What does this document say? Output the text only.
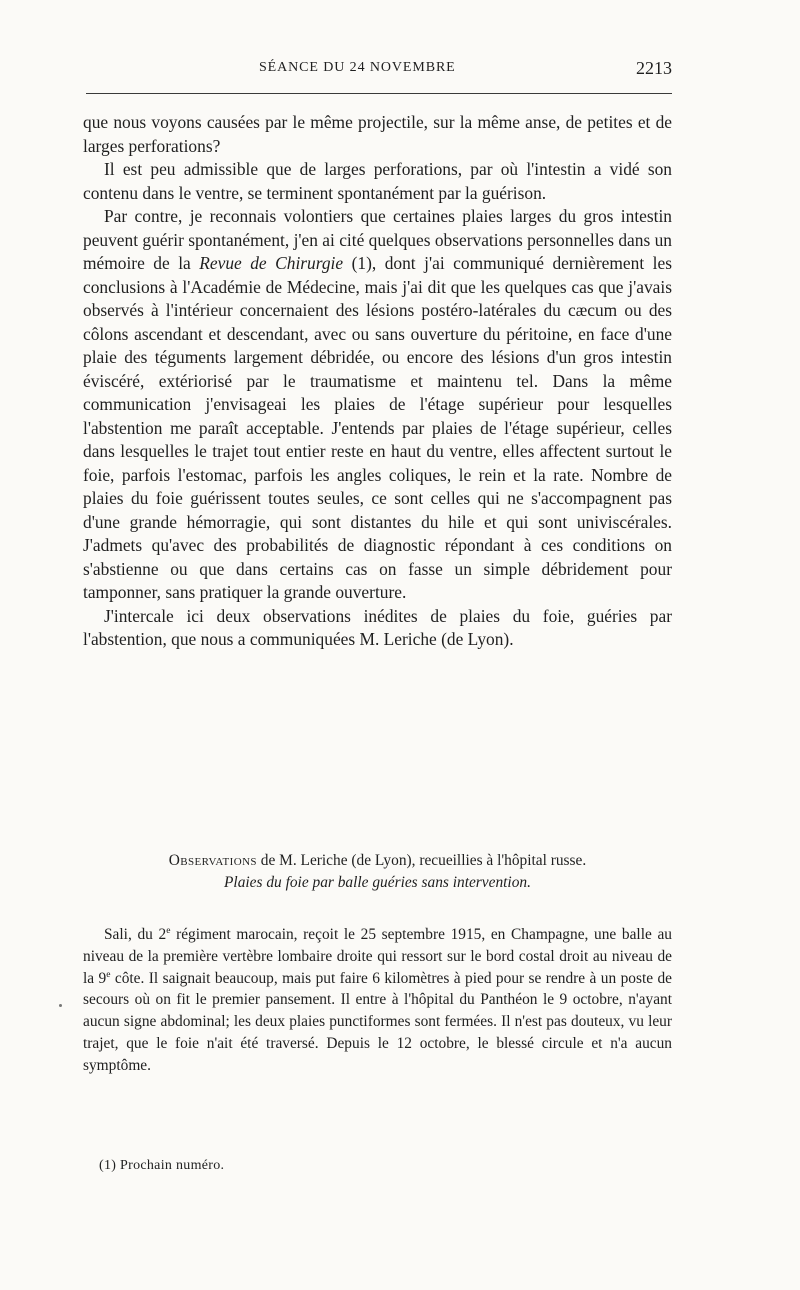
SÉANCE DU 24 NOVEMBRE	2213

que nous voyons causées par le même projectile, sur la même anse, de petites et de larges perforations?

Il est peu admissible que de larges perforations, par où l'intestin a vidé son contenu dans le ventre, se terminent spontanément par la guérison.

Par contre, je reconnais volontiers que certaines plaies larges du gros intestin peuvent guérir spontanément, j'en ai cité quelques observations personnelles dans un mémoire de la Revue de Chirurgie (1), dont j'ai communiqué dernièrement les conclusions à l'Académie de Médecine, mais j'ai dit que les quelques cas que j'avais observés à l'intérieur concernaient des lésions postéro-latérales du cæcum ou des côlons ascendant et descendant, avec ou sans ouverture du péritoine, en face d'une plaie des téguments largement débridée, ou encore des lésions d'un gros intestin éviscéré, extériorisé par le traumatisme et maintenu tel. Dans la même communication j'envisageai les plaies de l'étage supérieur pour lesquelles l'abstention me paraît acceptable. J'entends par plaies de l'étage supérieur, celles dans lesquelles le trajet tout entier reste en haut du ventre, elles affectent surtout le foie, parfois l'estomac, parfois les angles coliques, le rein et la rate. Nombre de plaies du foie guérissent toutes seules, ce sont celles qui ne s'accompagnent pas d'une grande hémorragie, qui sont distantes du hile et qui sont univiscérales. J'admets qu'avec des probabilités de diagnostic répondant à ces conditions on s'abstienne ou que dans certains cas on fasse un simple débridement pour tamponner, sans pratiquer la grande ouverture.

J'intercale ici deux observations inédites de plaies du foie, guéries par l'abstention, que nous a communiquées M. Leriche (de Lyon).

Observations de M. Leriche (de Lyon), recueillies à l'hôpital russe.
Plaies du foie par balle guéries sans intervention.

Sali, du 2e régiment marocain, reçoit le 25 septembre 1915, en Champagne, une balle au niveau de la première vertèbre lombaire droite qui ressort sur le bord costal droit au niveau de la 9e côte. Il saignait beaucoup, mais put faire 6 kilomètres à pied pour se rendre à un poste de secours où on fit le premier pansement. Il entre à l'hôpital du Panthéon le 9 octobre, n'ayant aucun signe abdominal; les deux plaies punctiformes sont fermées. Il n'est pas douteux, vu leur trajet, que le foie n'ait été traversé. Depuis le 12 octobre, le blessé circule et n'a aucun symptôme.

(1) Prochain numéro.
